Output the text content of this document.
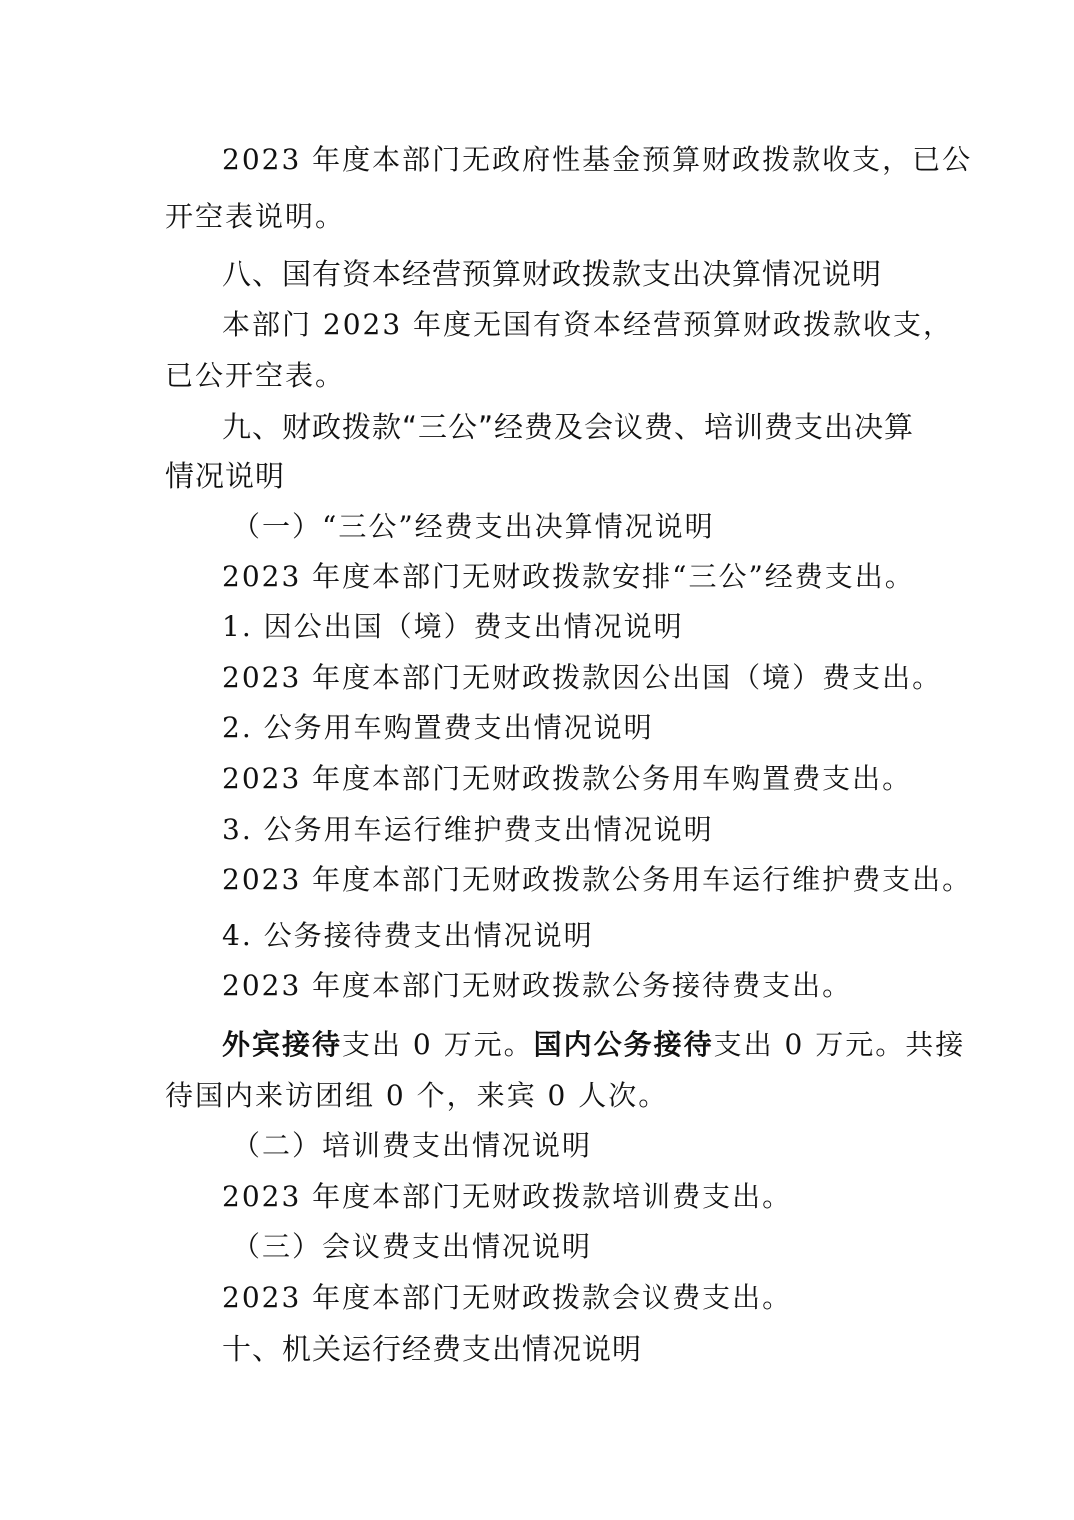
2023 年度本部门无政府性基金预算财政拨款收支，已公
开空表说明。
八、国有资本经营预算财政拨款支出决算情况说明
本部门 2023 年度无国有资本经营预算财政拨款收支，
已公开空表。
九、财政拨款“三公”经费及会议费、培训费支出决算
情况说明
（一）“三公”经费支出决算情况说明
2023 年度本部门无财政拨款安排“三公”经费支出。
1. 因公出国（境）费支出情况说明
2023 年度本部门无财政拨款因公出国（境）费支出。
2. 公务用车购置费支出情况说明
2023 年度本部门无财政拨款公务用车购置费支出。
3. 公务用车运行维护费支出情况说明
2023 年度本部门无财政拨款公务用车运行维护费支出。
4. 公务接待费支出情况说明
2023 年度本部门无财政拨款公务接待费支出。
外宾接待支出 0 万元。国内公务接待支出 0 万元。共接
待国内来访团组 0 个，来宾 0 人次。
（二）培训费支出情况说明
2023 年度本部门无财政拨款培训费支出。
（三）会议费支出情况说明
2023 年度本部门无财政拨款会议费支出。
十、机关运行经费支出情况说明
